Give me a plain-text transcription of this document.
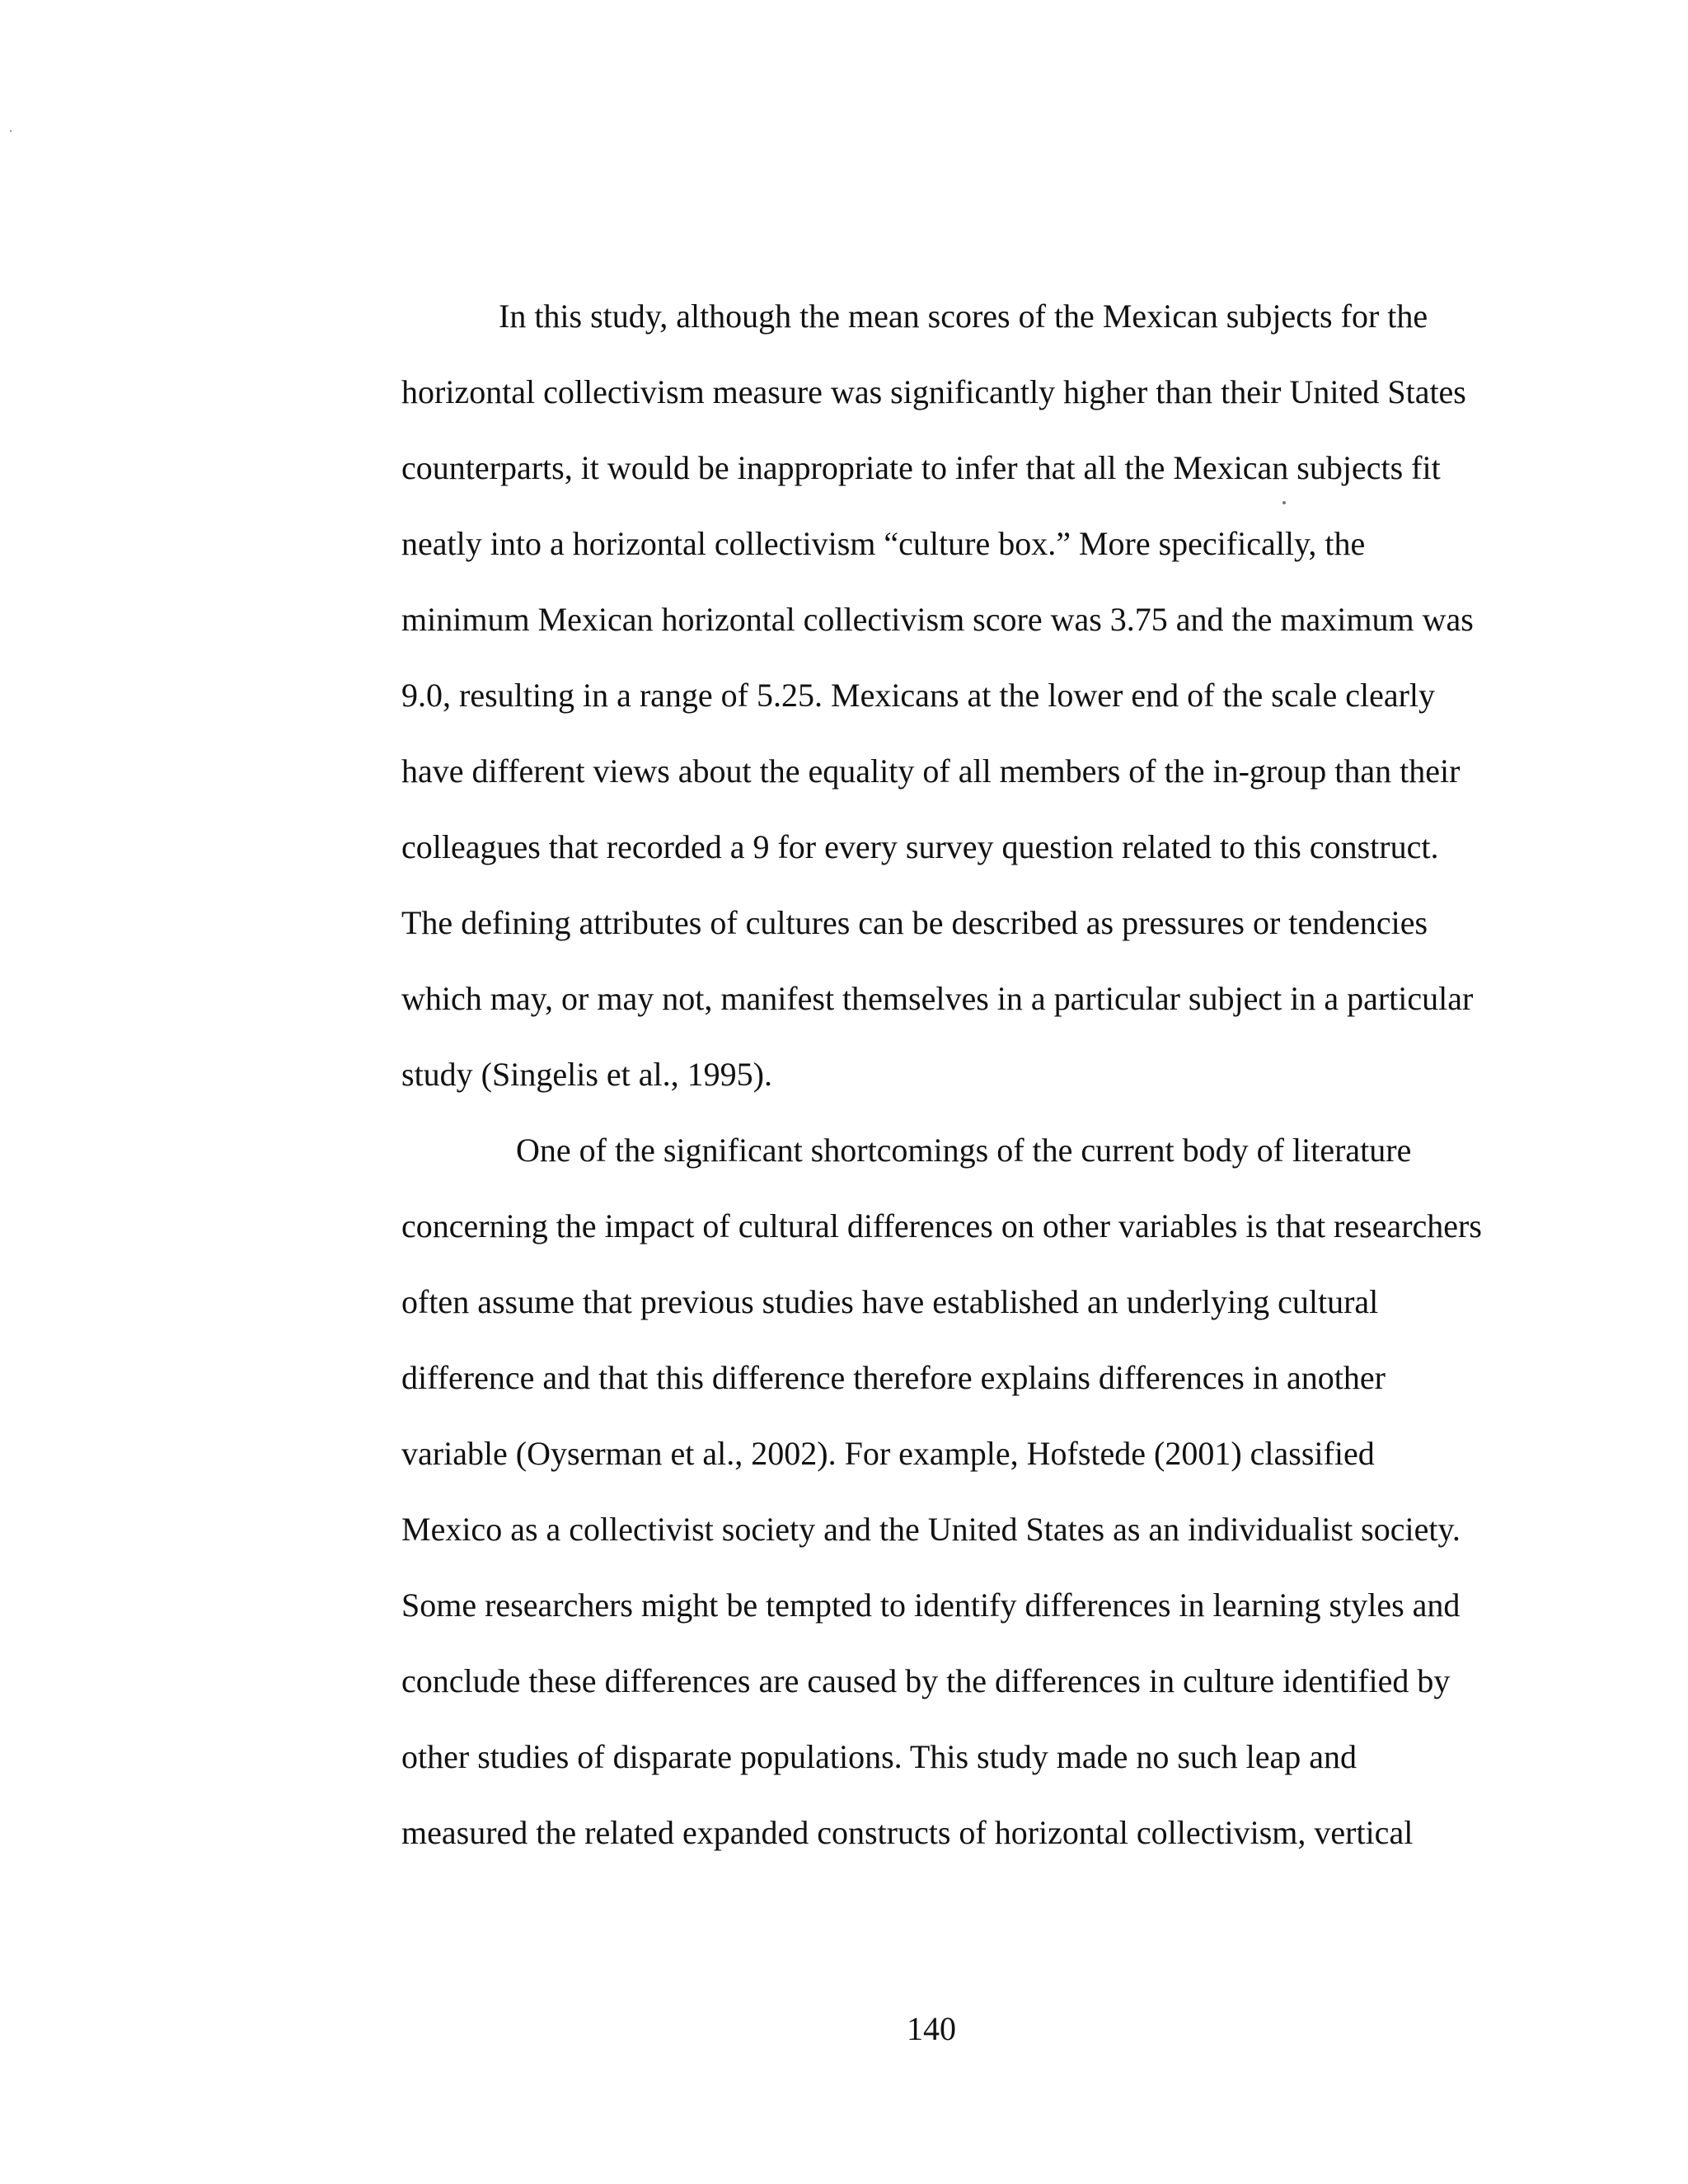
In this study, although the mean scores of the Mexican subjects for the
horizontal collectivism measure was significantly higher than their United States
counterparts, it would be inappropriate to infer that all the Mexican subjects fit
neatly into a horizontal collectivism “culture box.” More specifically, the
minimum Mexican horizontal collectivism score was 3.75 and the maximum was
9.0, resulting in a range of 5.25. Mexicans at the lower end of the scale clearly
have different views about the equality of all members of the in-group than their
colleagues that recorded a 9 for every survey question related to this construct.
The defining attributes of cultures can be described as pressures or tendencies
which may, or may not, manifest themselves in a particular subject in a particular
study (Singelis et al., 1995).
One of the significant shortcomings of the current body of literature
concerning the impact of cultural differences on other variables is that researchers
often assume that previous studies have established an underlying cultural
difference and that this difference therefore explains differences in another
variable (Oyserman et al., 2002). For example, Hofstede (2001) classified
Mexico as a collectivist society and the United States as an individualist society.
Some researchers might be tempted to identify differences in learning styles and
conclude these differences are caused by the differences in culture identified by
other studies of disparate populations. This study made no such leap and
measured the related expanded constructs of horizontal collectivism, vertical
140
